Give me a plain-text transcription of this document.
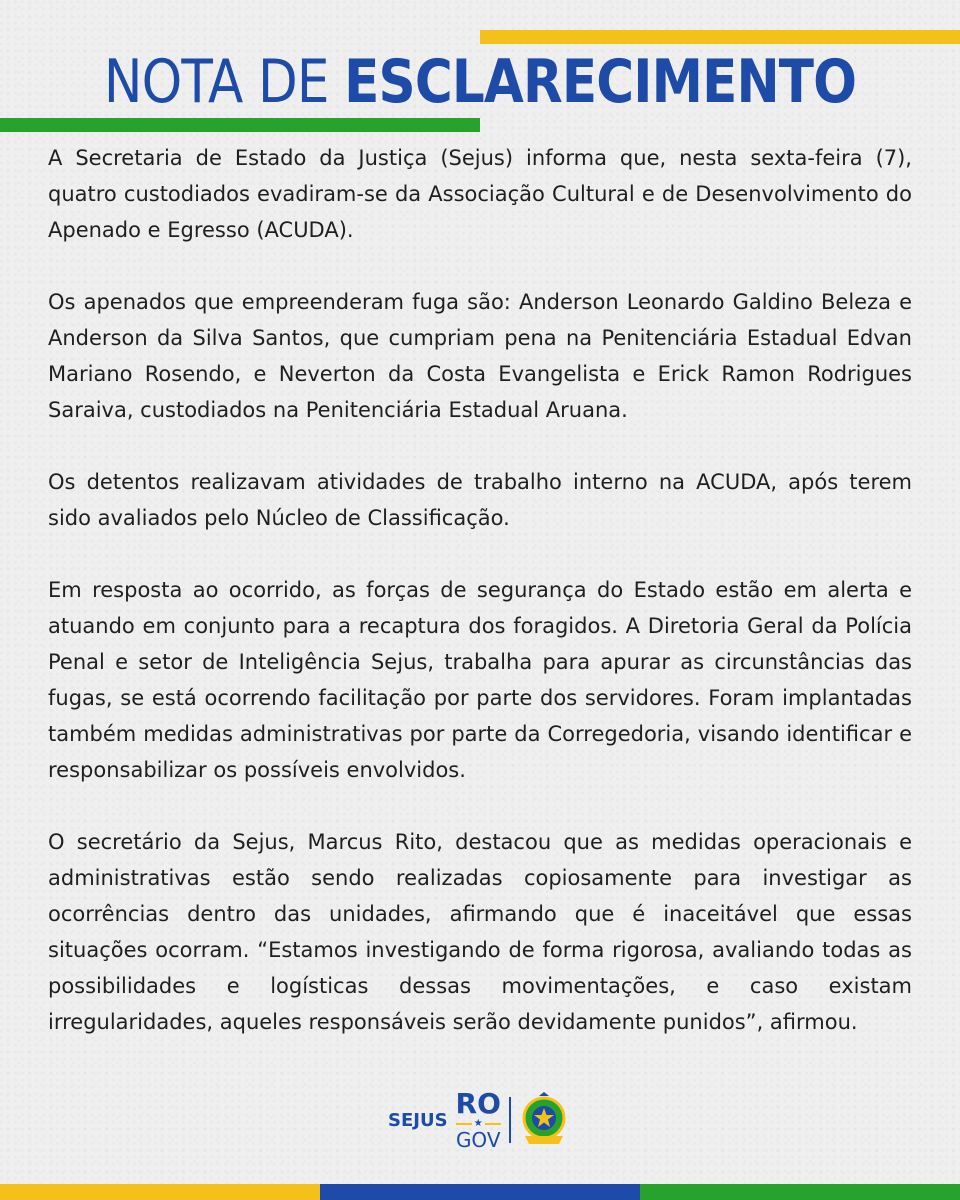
NOTA DE ESCLARECIMENTO

A Secretaria de Estado da Justiça (Sejus) informa que, nesta sexta-feira (7), quatro custodiados evadiram-se da Associação Cultural e de Desenvolvimento do Apenado e Egresso (ACUDA).

Os apenados que empreenderam fuga são: Anderson Leonardo Galdino Beleza e Anderson da Silva Santos, que cumpriam pena na Penitenciária Estadual Edvan Mariano Rosendo, e Neverton da Costa Evangelista e Erick Ramon Rodrigues Saraiva, custodiados na Penitenciária Estadual Aruana.

Os detentos realizavam atividades de trabalho interno na ACUDA, após terem sido avaliados pelo Núcleo de Classificação.

Em resposta ao ocorrido, as forças de segurança do Estado estão em alerta e atuando em conjunto para a recaptura dos foragidos. A Diretoria Geral da Polícia Penal e setor de Inteligência Sejus, trabalha para apurar as circunstâncias das fugas, se está ocorrendo facilitação por parte dos servidores. Foram implantadas também medidas administrativas por parte da Corregedoria, visando identificar e responsabilizar os possíveis envolvidos.

O secretário da Sejus, Marcus Rito, destacou que as medidas operacionais e administrativas estão sendo realizadas copiosamente para investigar as ocorrências dentro das unidades, afirmando que é inaceitável que essas situações ocorram. “Estamos investigando de forma rigorosa, avaliando todas as possibilidades e logísticas dessas movimentações, e caso existam irregularidades, aqueles responsáveis serão devidamente punidos”, afirmou.

SEJUS RO
★
GOV
